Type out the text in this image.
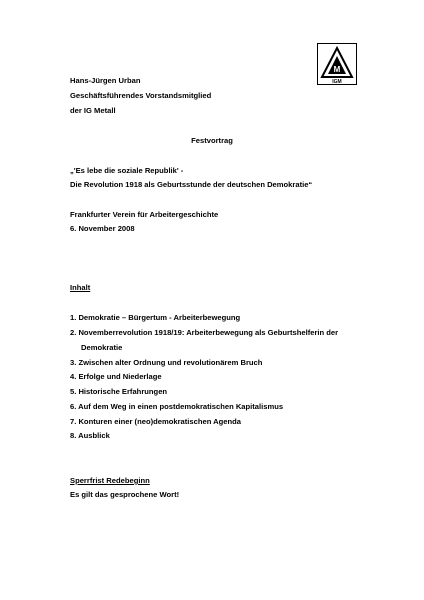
M
IGM
Hans-Jürgen Urban
Geschäftsführendes Vorstandsmitglied
der IG Metall
Festvortrag
„'Es lebe die soziale Republik' -
Die Revolution 1918 als Geburtsstunde der deutschen Demokratie“
Frankfurter Verein für Arbeitergeschichte
6. November 2008
Inhalt
1. Demokratie – Bürgertum - Arbeiterbewegung
2. Novemberrevolution 1918/19: Arbeiterbewegung als Geburtshelferin der
Demokratie
3. Zwischen alter Ordnung und revolutionärem Bruch
4. Erfolge und Niederlage
5. Historische Erfahrungen
6. Auf dem Weg in einen postdemokratischen Kapitalismus
7. Konturen einer (neo)demokratischen Agenda
8. Ausblick
Sperrfrist Redebeginn
Es gilt das gesprochene Wort!
